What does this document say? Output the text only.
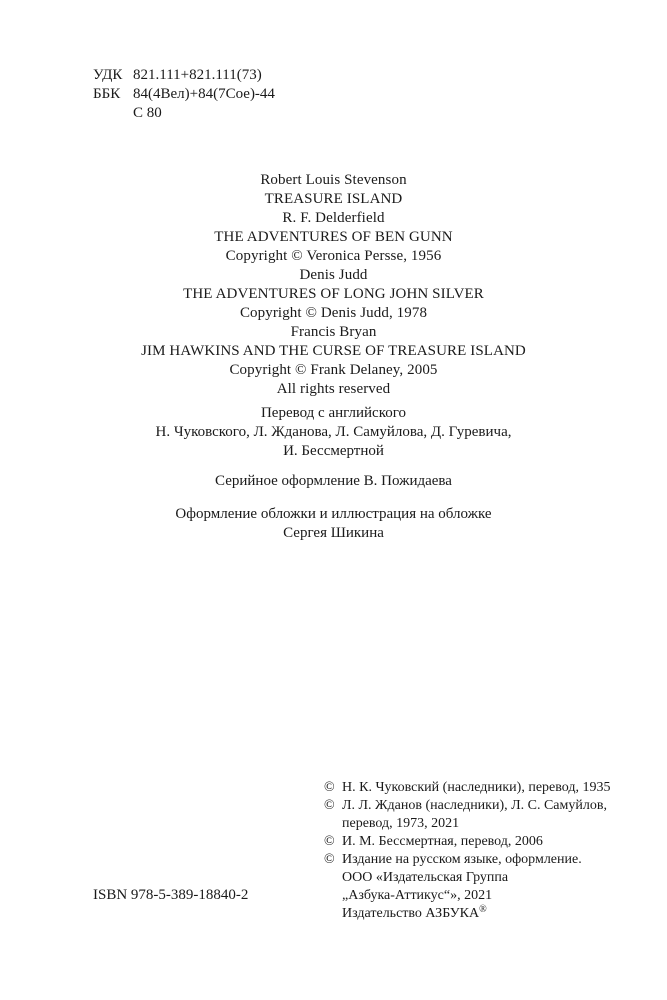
УДК 821.111+821.111(73)
ББК 84(4Вел)+84(7Сое)-44
С 80
Robert Louis Stevenson
TREASURE ISLAND
R. F. Delderfield
THE ADVENTURES OF BEN GUNN
Copyright © Veronica Persse, 1956
Denis Judd
THE ADVENTURES OF LONG JOHN SILVER
Copyright © Denis Judd, 1978
Francis Bryan
JIM HAWKINS AND THE CURSE OF TREASURE ISLAND
Copyright © Frank Delaney, 2005
All rights reserved
Перевод с английского
Н. Чуковского, Л. Жданова, Л. Самуйлова, Д. Гуревича,
И. Бессмертной
Серийное оформление В. Пожидаева
Оформление обложки и иллюстрация на обложке
Сергея Шикина
© Н. К. Чуковский (наследники), перевод, 1935
© Л. Л. Жданов (наследники), Л. С. Самуйлов,
перевод, 1973, 2021
© И. М. Бессмертная, перевод, 2006
© Издание на русском языке, оформление.
ООО «Издательская Группа
„Азбука-Аттикус“», 2021
Издательство АЗБУКА®
ISBN 978-5-389-18840-2
